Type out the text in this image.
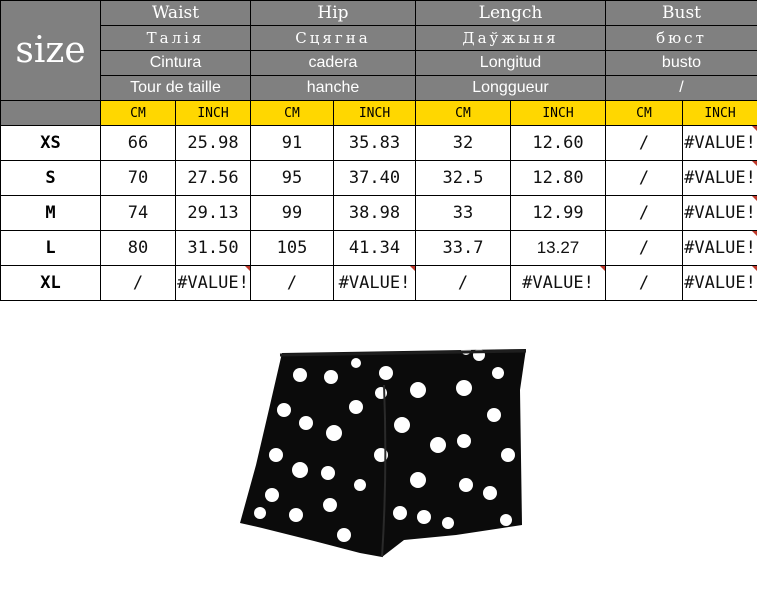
size	Waist		Hip		Lengch		Bust	
	Талія		Сцягна		Даўжыня		бюст	
	Cintura		cadera		Longitud		busto	
	Tour de taille		hanche		Longgueur		/	
	CM	INCH	CM	INCH	CM	INCH	CM	INCH
XS	66	25.98	91	35.83	32	12.60	/	#VALUE!
S	70	27.56	95	37.40	32.5	12.80	/	#VALUE!
M	74	29.13	99	38.98	33	12.99	/	#VALUE!
L	80	31.50	105	41.34	33.7	13.27	/	#VALUE!
XL	/	#VALUE!	/	#VALUE!	/	#VALUE!	/	#VALUE!
